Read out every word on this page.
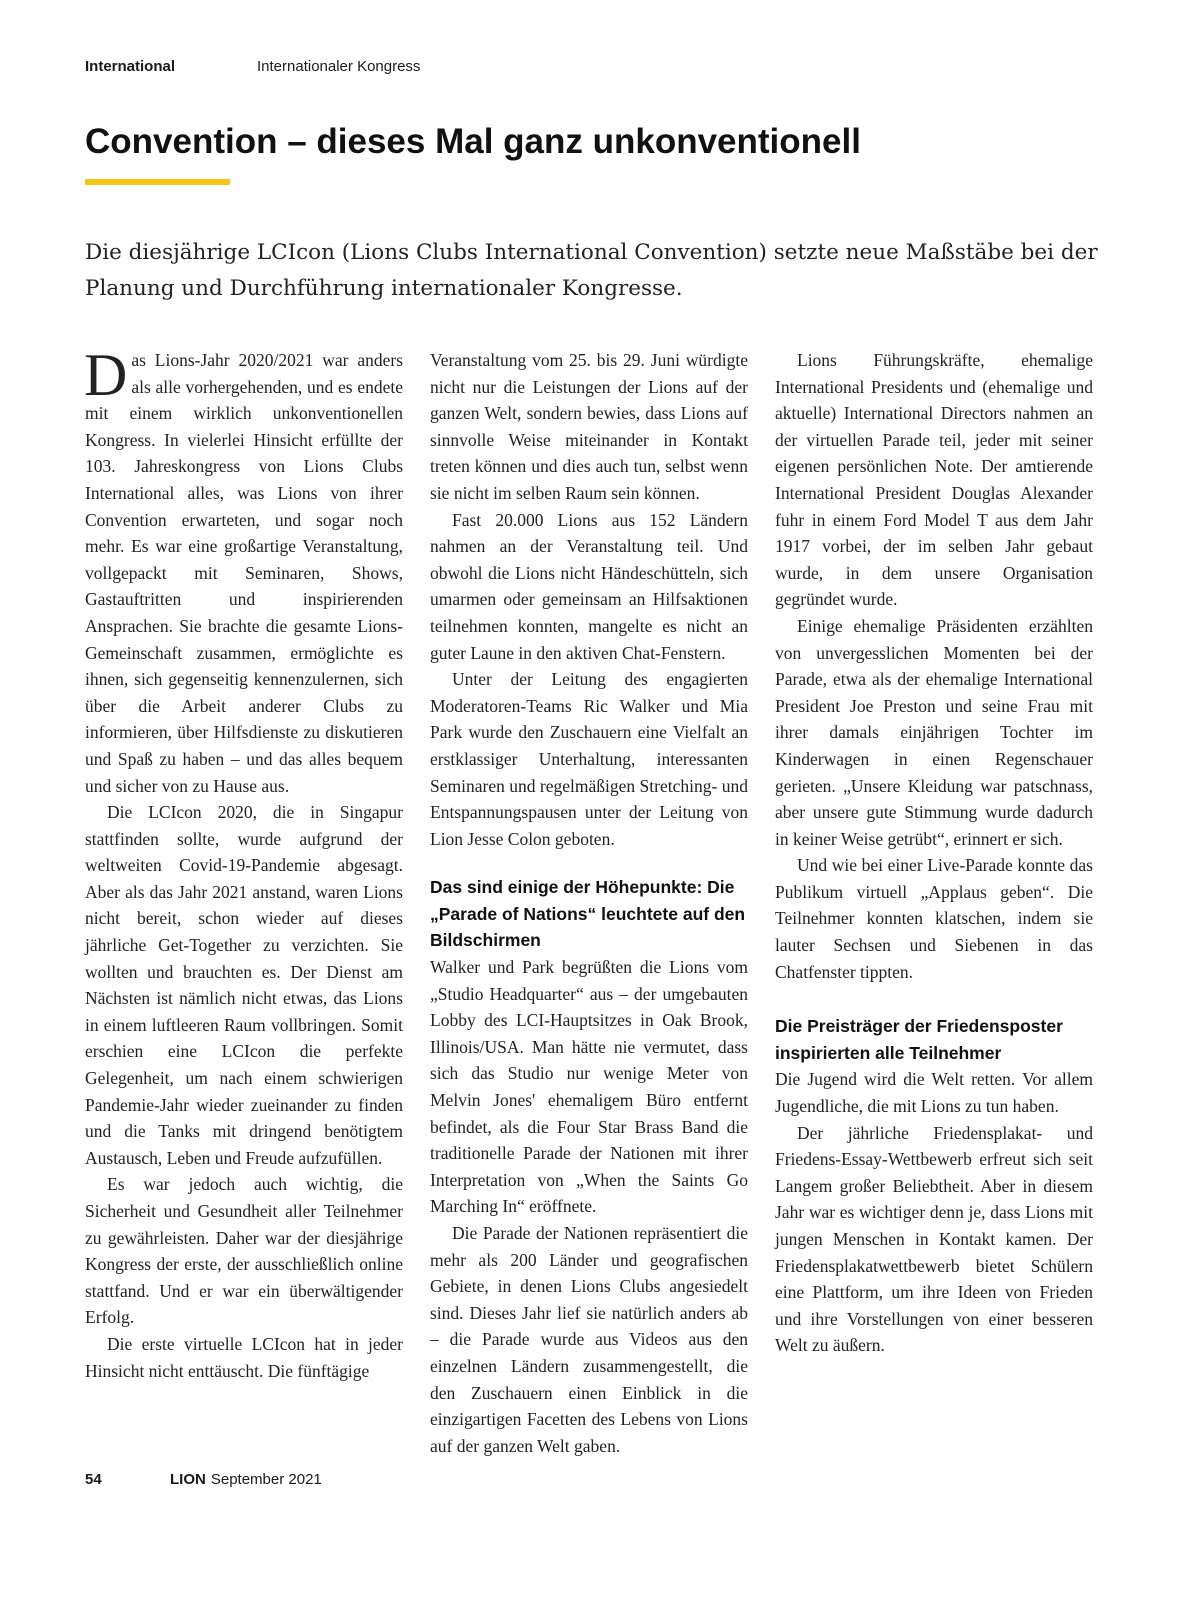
International	Internationaler Kongress
Convention – dieses Mal ganz unkonventionell

Die diesjährige LCIcon (Lions Clubs International Convention) setzte neue Maßstäbe bei der Planung und Durchführung internationaler Kongresse.

Das Lions-Jahr 2020/2021 war anders als alle vorhergehenden, und es endete mit einem wirklich unkonventionellen Kongress. In vielerlei Hinsicht erfüllte der 103. Jahreskongress von Lions Clubs International alles, was Lions von ihrer Convention erwarteten, und sogar noch mehr. Es war eine großartige Veranstaltung, vollgepackt mit Seminaren, Shows, Gastauftritten und inspirierenden Ansprachen. Sie brachte die gesamte Lions-Gemeinschaft zusammen, ermöglichte es ihnen, sich gegenseitig kennenzulernen, sich über die Arbeit anderer Clubs zu informieren, über Hilfsdienste zu diskutieren und Spaß zu haben – und das alles bequem und sicher von zu Hause aus.

Die LCIcon 2020, die in Singapur stattfinden sollte, wurde aufgrund der weltweiten Covid-19-Pandemie abgesagt. Aber als das Jahr 2021 anstand, waren Lions nicht bereit, schon wieder auf dieses jährliche Get-Together zu verzichten. Sie wollten und brauchten es. Der Dienst am Nächsten ist nämlich nicht etwas, das Lions in einem luftleeren Raum vollbringen. Somit erschien eine LCIcon die perfekte Gelegenheit, um nach einem schwierigen Pandemie-Jahr wieder zueinander zu finden und die Tanks mit dringend benötigtem Austausch, Leben und Freude aufzufüllen.

Es war jedoch auch wichtig, die Sicherheit und Gesundheit aller Teilnehmer zu gewährleisten. Daher war der diesjährige Kongress der erste, der ausschließlich online stattfand. Und er war ein überwältigender Erfolg.

Die erste virtuelle LCIcon hat in jeder Hinsicht nicht enttäuscht. Die fünftägige

Veranstaltung vom 25. bis 29. Juni würdigte nicht nur die Leistungen der Lions auf der ganzen Welt, sondern bewies, dass Lions auf sinnvolle Weise miteinander in Kontakt treten können und dies auch tun, selbst wenn sie nicht im selben Raum sein können.

Fast 20.000 Lions aus 152 Ländern nahmen an der Veranstaltung teil. Und obwohl die Lions nicht Händeschütteln, sich umarmen oder gemeinsam an Hilfsaktionen teilnehmen konnten, mangelte es nicht an guter Laune in den aktiven Chat-Fenstern.

Unter der Leitung des engagierten Moderatoren-Teams Ric Walker und Mia Park wurde den Zuschauern eine Vielfalt an erstklassiger Unterhaltung, interessanten Seminaren und regelmäßigen Stretching- und Entspannungspausen unter der Leitung von Lion Jesse Colon geboten.

Das sind einige der Höhepunkte: Die „Parade of Nations“ leuchtete auf den Bildschirmen

Walker und Park begrüßten die Lions vom „Studio Headquarter“ aus – der umgebauten Lobby des LCI-Hauptsitzes in Oak Brook, Illinois/USA. Man hätte nie vermutet, dass sich das Studio nur wenige Meter von Melvin Jones' ehemaligem Büro entfernt befindet, als die Four Star Brass Band die traditionelle Parade der Nationen mit ihrer Interpretation von „When the Saints Go Marching In“ eröffnete.

Die Parade der Nationen repräsentiert die mehr als 200 Länder und geografischen Gebiete, in denen Lions Clubs angesiedelt sind. Dieses Jahr lief sie natürlich anders ab – die Parade wurde aus Videos aus den einzelnen Ländern zusammengestellt, die den Zuschauern einen Einblick in die einzigartigen Facetten des Lebens von Lions auf der ganzen Welt gaben.

Lions Führungskräfte, ehemalige International Presidents und (ehemalige und aktuelle) International Directors nahmen an der virtuellen Parade teil, jeder mit seiner eigenen persönlichen Note. Der amtierende International President Douglas Alexander fuhr in einem Ford Model T aus dem Jahr 1917 vorbei, der im selben Jahr gebaut wurde, in dem unsere Organisation gegründet wurde.

Einige ehemalige Präsidenten erzählten von unvergesslichen Momenten bei der Parade, etwa als der ehemalige International President Joe Preston und seine Frau mit ihrer damals einjährigen Tochter im Kinderwagen in einen Regenschauer gerieten. „Unsere Kleidung war patschnass, aber unsere gute Stimmung wurde dadurch in keiner Weise getrübt“, erinnert er sich.

Und wie bei einer Live-Parade konnte das Publikum virtuell „Applaus geben“. Die Teilnehmer konnten klatschen, indem sie lauter Sechsen und Siebenen in das Chatfenster tippten.

Die Preisträger der Friedensposter inspirierten alle Teilnehmer

Die Jugend wird die Welt retten. Vor allem Jugendliche, die mit Lions zu tun haben.

Der jährliche Friedensplakat- und Friedens-Essay-Wettbewerb erfreut sich seit Langem großer Beliebtheit. Aber in diesem Jahr war es wichtiger denn je, dass Lions mit jungen Menschen in Kontakt kamen. Der Friedensplakatwettbewerb bietet Schülern eine Plattform, um ihre Ideen von Frieden und ihre Vorstellungen von einer besseren Welt zu äußern.

54	LION September 2021
